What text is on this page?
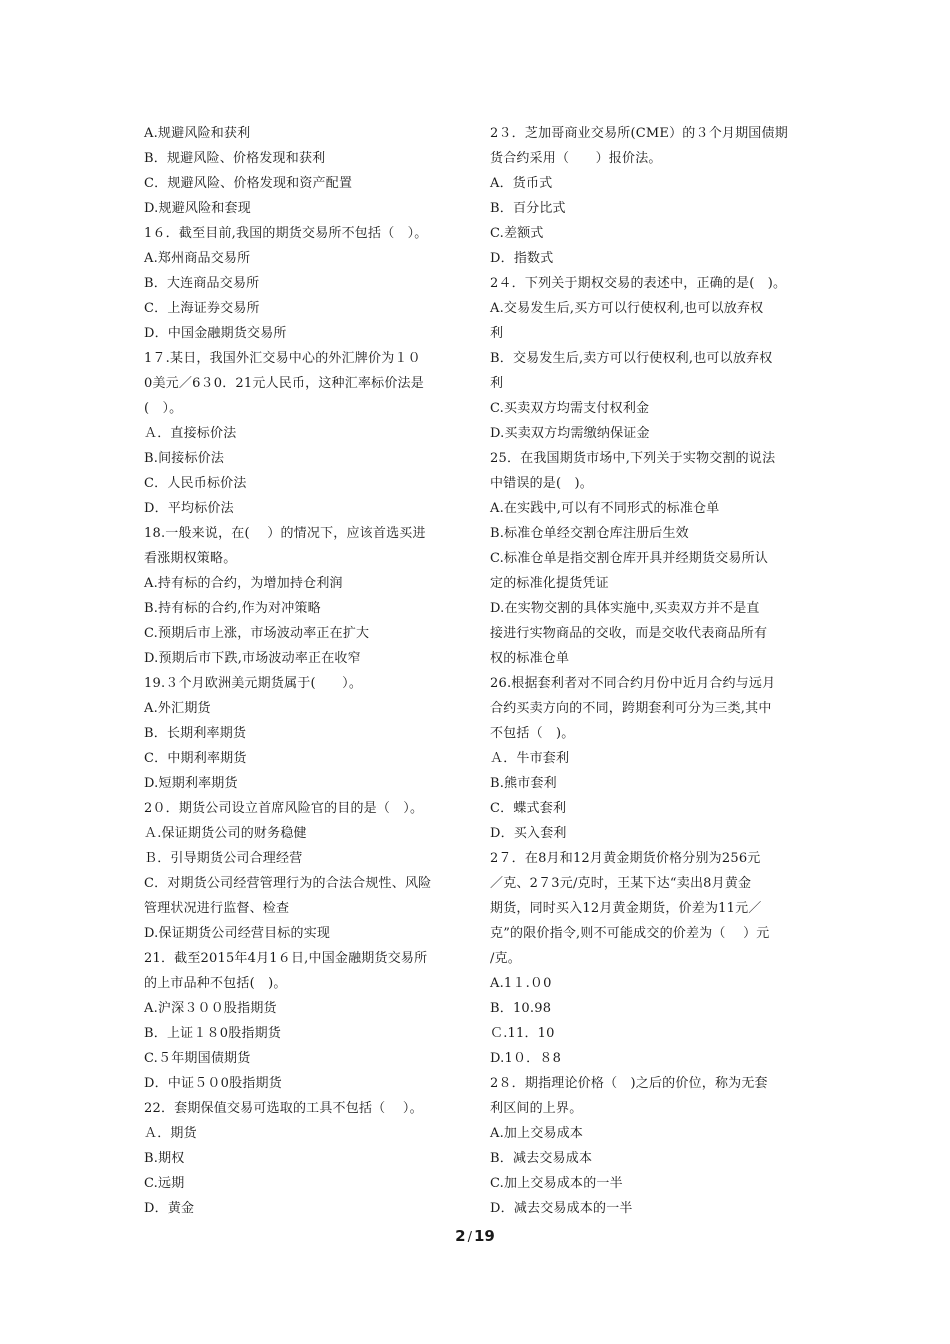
A.规避风险和获利
B．规避风险、价格发现和获利
C．规避风险、价格发现和资产配置
D.规避风险和套现
1６．截至目前,我国的期货交易所不包括（　）。
A.郑州商品交易所
B．大连商品交易所
C．上海证券交易所
D．中国金融期货交易所
1７.某日，我国外汇交易中心的外汇牌价为１０
0美元／6３0．21元人民币，这种汇率标价法是
(　）。
Ａ．直接标价法
B.间接标价法
C．人民币标价法
D．平均标价法
18.一般来说，在(　 ）的情况下，应该首选买进
看涨期权策略。
A.持有标的合约，为增加持仓利润
B.持有标的合约,作为对冲策略
C.预期后市上涨，市场波动率正在扩大
D.预期后市下跌,市场波动率正在收窄
19.３个月欧洲美元期货属于(　　）。
A.外汇期货
B．长期利率期货
C．中期利率期货
D.短期利率期货
2０．期货公司设立首席风险官的目的是（　）。
Ａ.保证期货公司的财务稳健
Ｂ．引导期货公司合理经营
C．对期货公司经营管理行为的合法合规性、风险
管理状况进行监督、检查
D.保证期货公司经营目标的实现
21．截至2015年4月1６日,中国金融期货交易所
的上市品种不包括(　)。
A.沪深３００股指期货
B．上证１８0股指期货
C.５年期国债期货
D．中证５０0股指期货
22．套期保值交易可选取的工具不包括（　 ）。
Ａ．期货
B.期权
C.远期
D．黄金
2３．芝加哥商业交易所(CME）的３个月期国债期
货合约采用（　　）报价法。
A．货币式
B．百分比式
C.差额式
D．指数式
2４．下列关于期权交易的表述中，正确的是(　)。
A.交易发生后,买方可以行使权利,也可以放弃权
利
B．交易发生后,卖方可以行使权利,也可以放弃权
利
C.买卖双方均需支付权利金
D.买卖双方均需缴纳保证金
25．在我国期货市场中,下列关于实物交割的说法
中错误的是(　)。
A.在实践中,可以有不同形式的标准仓单
B.标准仓单经交割仓库注册后生效
C.标准仓单是指交割仓库开具并经期货交易所认
定的标准化提货凭证
D.在实物交割的具体实施中,买卖双方并不是直
接进行实物商品的交收，而是交收代表商品所有
权的标准仓单
26.根据套利者对不同合约月份中近月合约与远月
合约买卖方向的不同，跨期套利可分为三类,其中
不包括（　)。
Ａ．牛市套利
B.熊市套利
C．蝶式套利
D．买入套利
2７．在8月和12月黄金期货价格分别为256元
／克、2７3元/克时，王某下达“卖出8月黄金
期货，同时买入12月黄金期货，价差为11元／
克”的限价指令,则不可能成交的价差为（　 ）元
/克。
A.1１.０0
B．10.98
Ｃ.11．10
D.1０．８8
2８．期指理论价格（　)之后的价位，称为无套
利区间的上界。
A.加上交易成本
B．减去交易成本
C.加上交易成本的一半
D．减去交易成本的一半
2 / 19
